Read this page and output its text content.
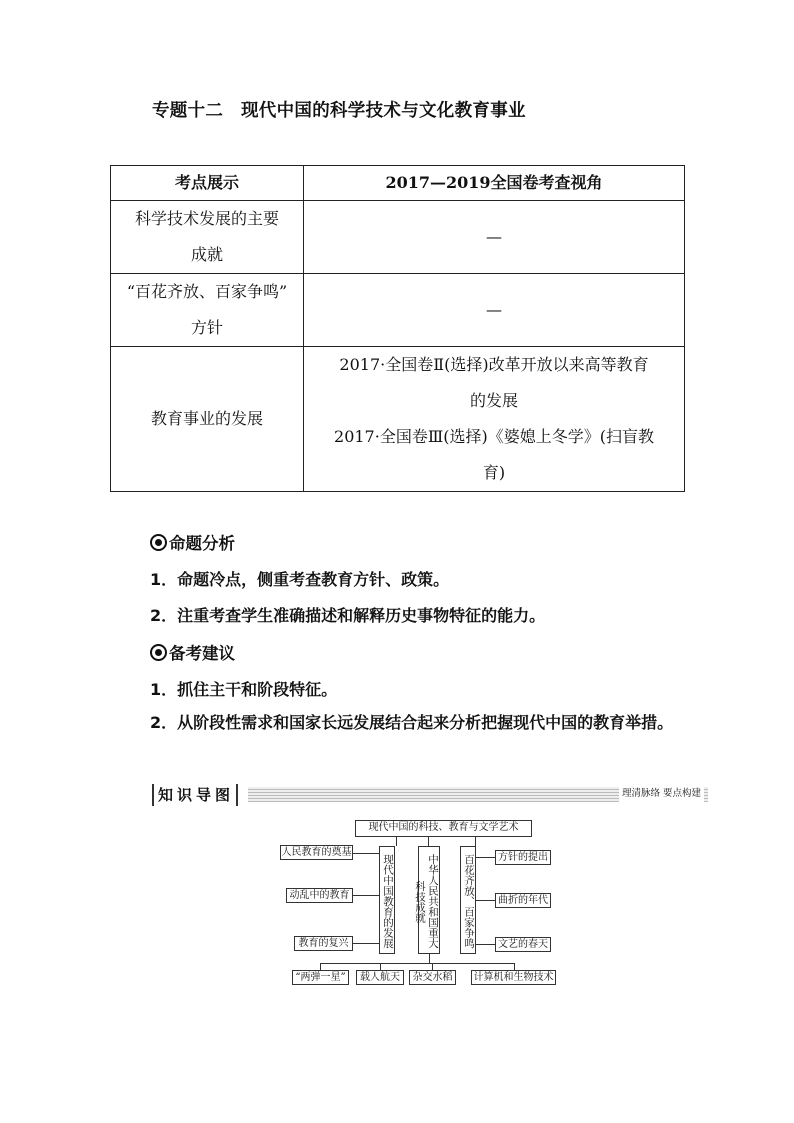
专题十二　现代中国的科学技术与文化教育事业
考点展示	2017—2019全国卷考查视角

科学技术发展的主要
成就	—

“百花齐放、百家争鸣”
方针	—
教育事业的发展	2017·全国卷Ⅱ(选择)改革开放以来高等教育
的发展
2017·全国卷Ⅲ(选择)《婆媳上冬学》(扫盲教
育)
命题分析
1．命题冷点，侧重考查教育方针、政策。
2．注重考查学生准确描述和解释历史事物特征的能力。
备考建议
1．抓住主干和阶段特征。
2．从阶段性需求和国家长远发展结合起来分析把握现代中国的教育举措。
知识导图	理清脉络 要点构建
现代中国的科技、教育与文学艺术
现代中国教育的发展	中华人民共和国重大科技成就	百花齐放、百家争鸣
人民教育的奠基
动乱中的教育
教育的复兴
方针的提出
曲折的年代
文艺的春天
“两弹一星”	载人航天	杂交水稻	计算机和生物技术
